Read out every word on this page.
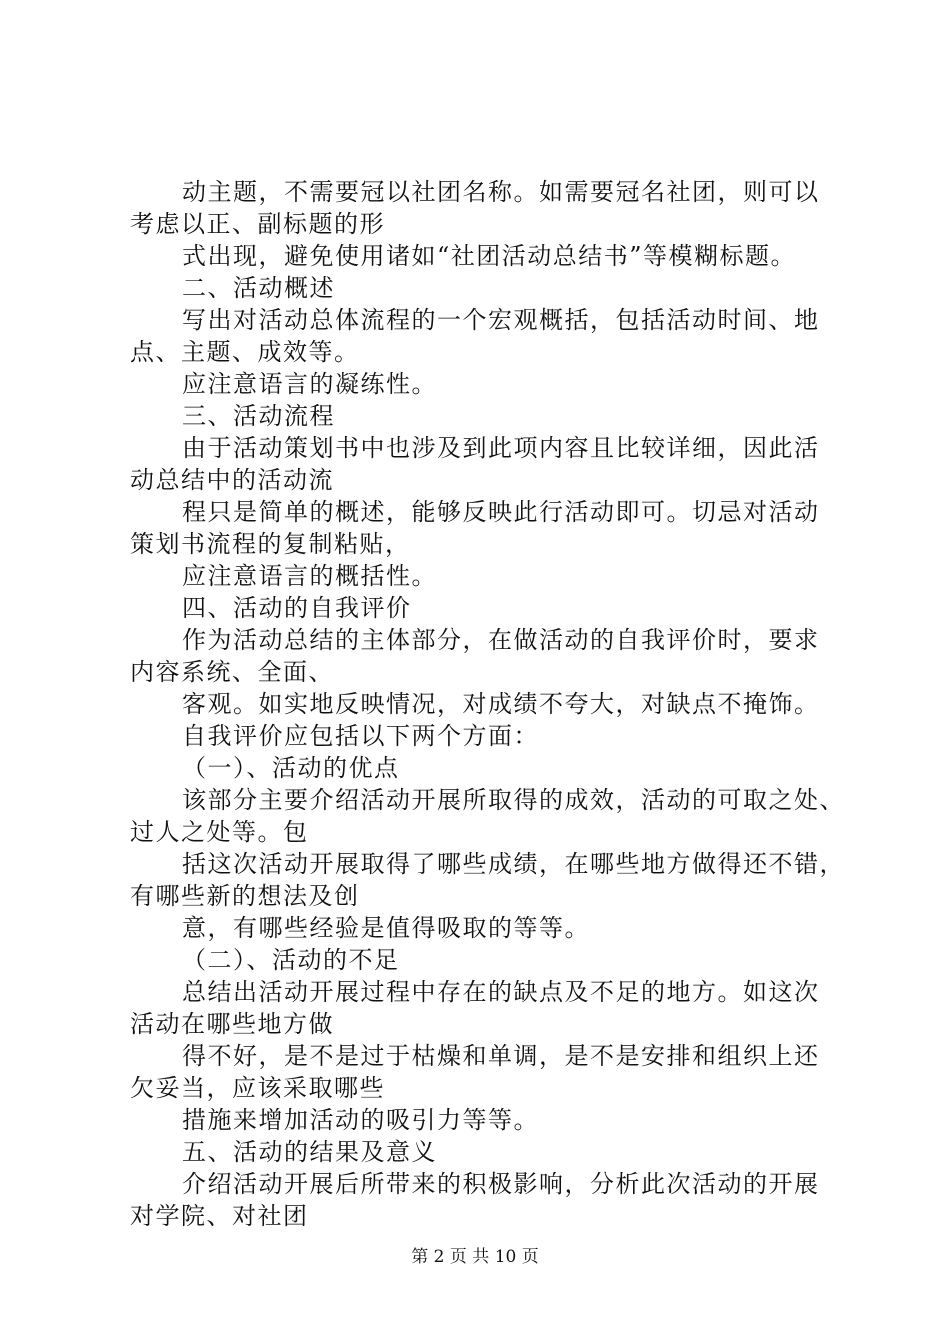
动主题，不需要冠以社团名称。如需要冠名社团，则可以

考虑以正、副标题的形

式出现，避免使用诸如“社团活动总结书”等模糊标题。

二、活动概述

写出对活动总体流程的一个宏观概括，包括活动时间、地

点、主题、成效等。

应注意语言的凝练性。

三、活动流程

由于活动策划书中也涉及到此项内容且比较详细，因此活

动总结中的活动流

程只是简单的概述，能够反映此行活动即可。切忌对活动

策划书流程的复制粘贴，

应注意语言的概括性。

四、活动的自我评价

作为活动总结的主体部分，在做活动的自我评价时，要求

内容系统、全面、

客观。如实地反映情况，对成绩不夸大，对缺点不掩饰。

自我评价应包括以下两个方面：

（一）、活动的优点

该部分主要介绍活动开展所取得的成效，活动的可取之处、

过人之处等。包

括这次活动开展取得了哪些成绩，在哪些地方做得还不错，

有哪些新的想法及创

意，有哪些经验是值得吸取的等等。

（二）、活动的不足

总结出活动开展过程中存在的缺点及不足的地方。如这次

活动在哪些地方做

得不好，是不是过于枯燥和单调，是不是安排和组织上还

欠妥当，应该采取哪些

措施来增加活动的吸引力等等。

五、活动的结果及意义

介绍活动开展后所带来的积极影响，分析此次活动的开展

对学院、对社团

第 2 页 共 10 页
